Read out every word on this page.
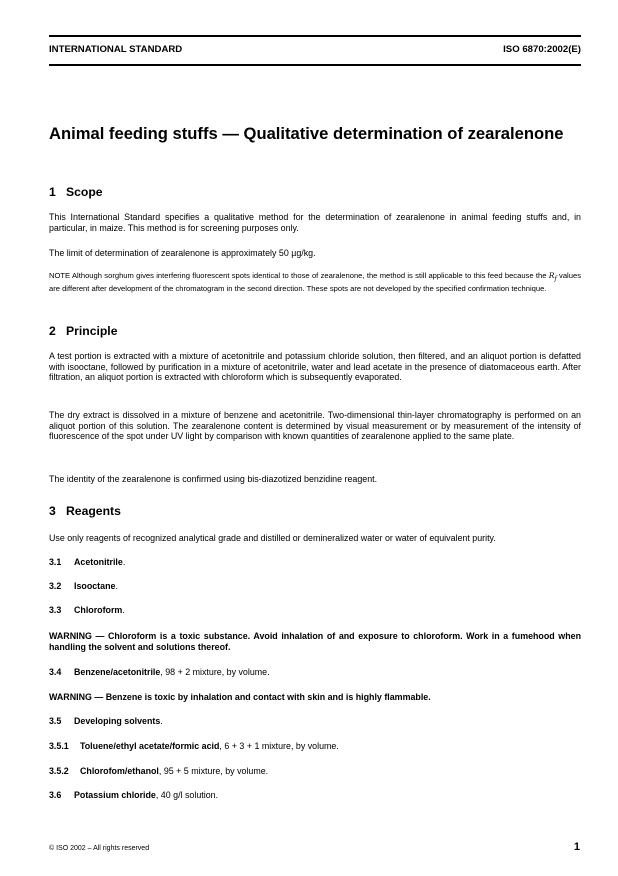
INTERNATIONAL STANDARD	ISO 6870:2002(E)
Animal feeding stuffs — Qualitative determination of zearalenone
1 Scope
This International Standard specifies a qualitative method for the determination of zearalenone in animal feeding stuffs and, in particular, in maize. This method is for screening purposes only.
The limit of determination of zearalenone is approximately 50 µg/kg.
NOTE Although sorghum gives interfering fluorescent spots identical to those of zearalenone, the method is still applicable to this feed because the $R_f$ values are different after development of the chromatogram in the second direction. These spots are not developed by the specified confirmation technique.
2 Principle
A test portion is extracted with a mixture of acetonitrile and potassium chloride solution, then filtered, and an aliquot portion is defatted with isooctane, followed by purification in a mixture of acetonitrile, water and lead acetate in the presence of diatomaceous earth. After filtration, an aliquot portion is extracted with chloroform which is subsequently evaporated.
The dry extract is dissolved in a mixture of benzene and acetonitrile. Two-dimensional thin-layer chromatography is performed on an aliquot portion of this solution. The zearalenone content is determined by visual measurement or by measurement of the intensity of fluorescence of the spot under UV light by comparison with known quantities of zearalenone applied to the same plate.
The identity of the zearalenone is confirmed using bis-diazotized benzidine reagent.
3 Reagents
Use only reagents of recognized analytical grade and distilled or demineralized water or water of equivalent purity.
3.1 Acetonitrile.
3.2 Isooctane.
3.3 Chloroform.
WARNING — Chloroform is a toxic substance. Avoid inhalation of and exposure to chloroform. Work in a fumehood when handling the solvent and solutions thereof.
3.4 Benzene/acetonitrile, 98 + 2 mixture, by volume.
WARNING — Benzene is toxic by inhalation and contact with skin and is highly flammable.
3.5 Developing solvents.
3.5.1 Toluene/ethyl acetate/formic acid, 6 + 3 + 1 mixture, by volume.
3.5.2 Chlorofom/ethanol, 95 + 5 mixture, by volume.
3.6 Potassium chloride, 40 g/l solution.
© ISO 2002 – All rights reserved	1
